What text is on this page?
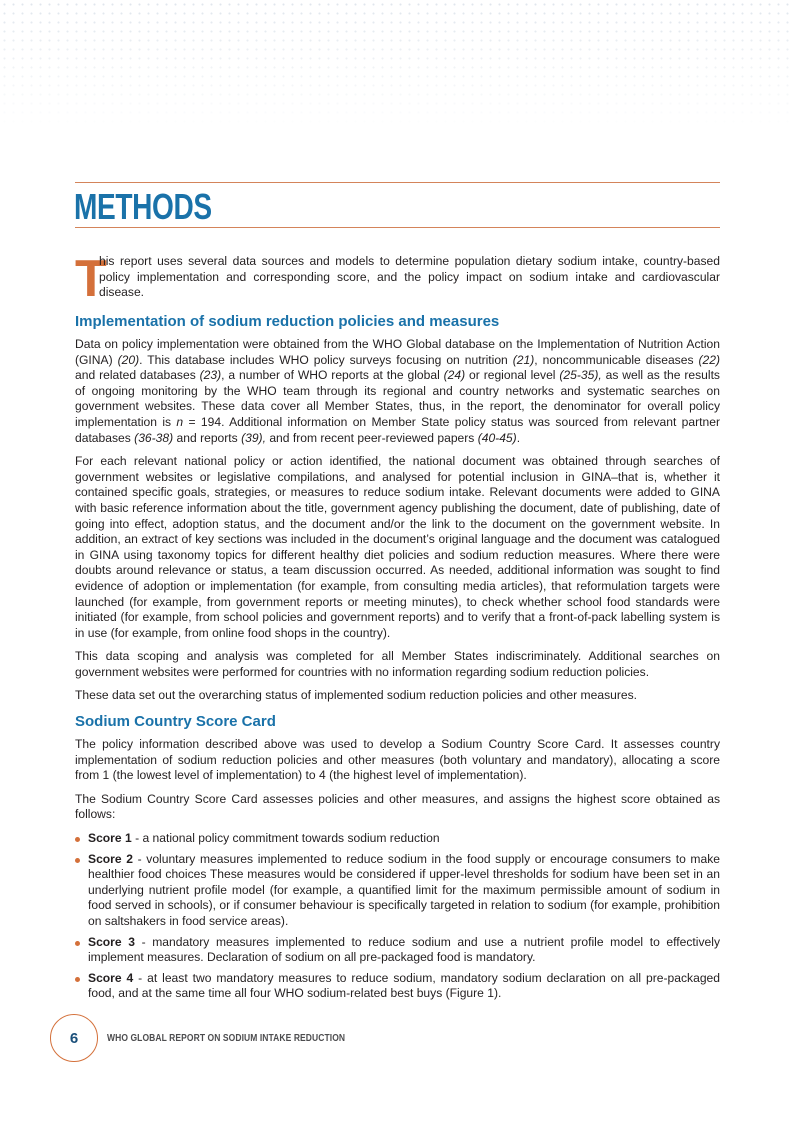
METHODS
T
his report uses several data sources and models to determine population dietary sodium intake, country-based policy implementation and corresponding score, and the policy impact on sodium intake and cardiovascular disease.
Implementation of sodium reduction policies and measures

Data on policy implementation were obtained from the WHO Global database on the Implementation of Nutrition Action (GINA) (20). This database includes WHO policy surveys focusing on nutrition (21), noncommunicable diseases (22) and related databases (23), a number of WHO reports at the global (24) or regional level (25-35), as well as the results of ongoing monitoring by the WHO team through its regional and country networks and systematic searches on government websites. These data cover all Member States, thus, in the report, the denominator for overall policy implementation is n = 194. Additional information on Member State policy status was sourced from relevant partner databases (36-38) and reports (39), and from recent peer-reviewed papers (40-45).

For each relevant national policy or action identified, the national document was obtained through searches of government websites or legislative compilations, and analysed for potential inclusion in GINA–that is, whether it contained specific goals, strategies, or measures to reduce sodium intake. Relevant documents were added to GINA with basic reference information about the title, government agency publishing the document, date of publishing, date of going into effect, adoption status, and the document and/or the link to the document on the government website. In addition, an extract of key sections was included in the document’s original language and the document was catalogued in GINA using taxonomy topics for different healthy diet policies and sodium reduction measures. Where there were doubts around relevance or status, a team discussion occurred. As needed, additional information was sought to find evidence of adoption or implementation (for example, from consulting media articles), that reformulation targets were launched (for example, from government reports or meeting minutes), to check whether school food standards were initiated (for example, from school policies and government reports) and to verify that a front-of-pack labelling system is in use (for example, from online food shops in the country).

This data scoping and analysis was completed for all Member States indiscriminately. Additional searches on government websites were performed for countries with no information regarding sodium reduction policies.

These data set out the overarching status of implemented sodium reduction policies and other measures.

Sodium Country Score Card

The policy information described above was used to develop a Sodium Country Score Card. It assesses country implementation of sodium reduction policies and other measures (both voluntary and mandatory), allocating a score from 1 (the lowest level of implementation) to 4 (the highest level of implementation).

The Sodium Country Score Card assesses policies and other measures, and assigns the highest score obtained as follows:

Score 1 - a national policy commitment towards sodium reduction
Score 2 - voluntary measures implemented to reduce sodium in the food supply or encourage consumers to make healthier food choices These measures would be considered if upper-level thresholds for sodium have been set in an underlying nutrient profile model (for example, a quantified limit for the maximum permissible amount of sodium in food served in schools), or if consumer behaviour is specifically targeted in relation to sodium (for example, prohibition on saltshakers in food service areas).
Score 3 - mandatory measures implemented to reduce sodium and use a nutrient profile model to effectively implement measures. Declaration of sodium on all pre-packaged food is mandatory.
Score 4 - at least two mandatory measures to reduce sodium, mandatory sodium declaration on all pre-packaged food, and at the same time all four WHO sodium-related best buys (Figure 1).
6	WHO GLOBAL REPORT ON SODIUM INTAKE REDUCTION
